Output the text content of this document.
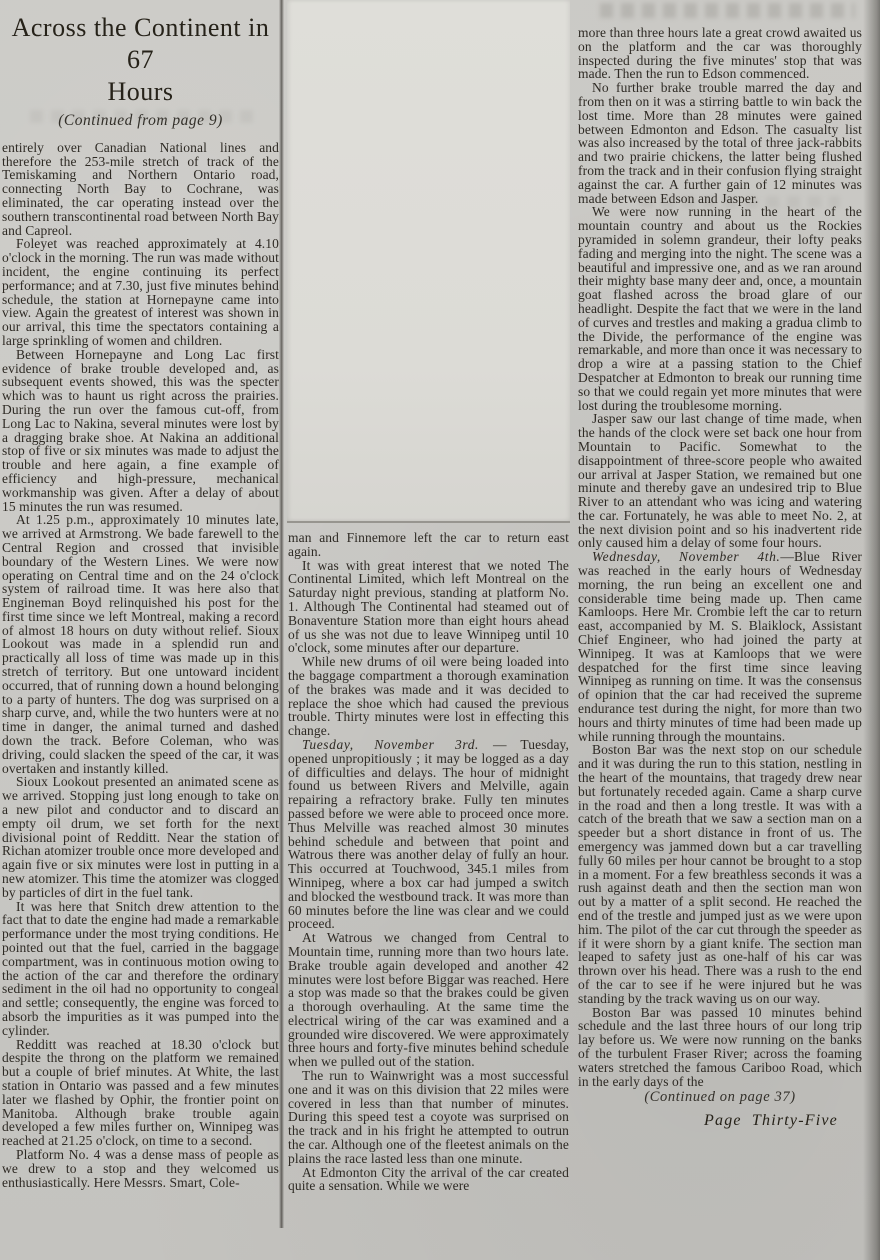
Across the Continent in 67
Hours
(Continued from page 9)

entirely over Canadian National lines and therefore the 253-mile stretch of track of the Temiskaming and Northern Ontario road, connecting North Bay to Cochrane, was eliminated, the car operating instead over the southern transcontinental road between North Bay and Capreol.

Foleyet was reached approximately at 4.10 o'clock in the morning. The run was made without incident, the engine continuing its perfect performance; and at 7.30, just five minutes behind schedule, the station at Hornepayne came into view. Again the greatest of interest was shown in our arrival, this time the spectators containing a large sprinkling of women and children.

Between Hornepayne and Long Lac first evidence of brake trouble developed and, as subsequent events showed, this was the specter which was to haunt us right across the prairies. During the run over the famous cut-off, from Long Lac to Nakina, several minutes were lost by a dragging brake shoe. At Nakina an additional stop of five or six minutes was made to adjust the trouble and here again, a fine example of efficiency and high-pressure, mechanical workmanship was given. After a delay of about 15 minutes the run was resumed.

At 1.25 p.m., approximately 10 minutes late, we arrived at Armstrong. We bade farewell to the Central Region and crossed that invisible boundary of the Western Lines. We were now operating on Central time and on the 24 o'clock system of railroad time. It was here also that Engineman Boyd relinquished his post for the first time since we left Montreal, making a record of almost 18 hours on duty without relief. Sioux Lookout was made in a splendid run and practically all loss of time was made up in this stretch of territory. But one untoward incident occurred, that of running down a hound belonging to a party of hunters. The dog was surprised on a sharp curve, and, while the two hunters were at no time in danger, the animal turned and dashed down the track. Before Coleman, who was driving, could slacken the speed of the car, it was overtaken and instantly killed.

Sioux Lookout presented an animated scene as we arrived. Stopping just long enough to take on a new pilot and conductor and to discard an empty oil drum, we set forth for the next divisional point of Redditt. Near the station of Richan atomizer trouble once more developed and again five or six minutes were lost in putting in a new atomizer. This time the atomizer was clogged by particles of dirt in the fuel tank.

It was here that Snitch drew attention to the fact that to date the engine had made a remarkable performance under the most trying conditions. He pointed out that the fuel, carried in the baggage compartment, was in continuous motion owing to the action of the car and therefore the ordinary sediment in the oil had no opportunity to congeal and settle; consequently, the engine was forced to absorb the impurities as it was pumped into the cylinder.

Redditt was reached at 18.30 o'clock but despite the throng on the platform we remained but a couple of brief minutes. At White, the last station in Ontario was passed and a few minutes later we flashed by Ophir, the frontier point on Manitoba. Although brake trouble again developed a few miles further on, Winnipeg was reached at 21.25 o'clock, on time to a second.

Platform No. 4 was a dense mass of people as we drew to a stop and they welcomed us enthusiastically. Here Messrs. Smart, Cole-

man and Finnemore left the car to return east again.

It was with great interest that we noted The Continental Limited, which left Montreal on the Saturday night previous, standing at platform No. 1. Although The Continental had steamed out of Bonaventure Station more than eight hours ahead of us she was not due to leave Winnipeg until 10 o'clock, some minutes after our departure.

While new drums of oil were being loaded into the baggage compartment a thorough examination of the brakes was made and it was decided to replace the shoe which had caused the previous trouble. Thirty minutes were lost in effecting this change.

Tuesday, November 3rd. — Tuesday, opened unpropitiously ; it may be logged as a day of difficulties and delays. The hour of midnight found us between Rivers and Melville, again repairing a refractory brake. Fully ten minutes passed before we were able to proceed once more. Thus Melville was reached almost 30 minutes behind schedule and between that point and Watrous there was another delay of fully an hour. This occurred at Touchwood, 345.1 miles from Winnipeg, where a box car had jumped a switch and blocked the westbound track. It was more than 60 minutes before the line was clear and we could proceed.

At Watrous we changed from Central to Mountain time, running more than two hours late. Brake trouble again developed and another 42 minutes were lost before Biggar was reached. Here a stop was made so that the brakes could be given a thorough overhauling. At the same time the electrical wiring of the car was examined and a grounded wire discovered. We were approximately three hours and forty-five minutes behind schedule when we pulled out of the station.

The run to Wainwright was a most successful one and it was on this division that 22 miles were covered in less than that number of minutes. During this speed test a coyote was surprised on the track and in his fright he attempted to outrun the car. Although one of the fleetest animals on the plains the race lasted less than one minute.

At Edmonton City the arrival of the car created quite a sensation. While we were

more than three hours late a great crowd awaited us on the platform and the car was thoroughly inspected during the five minutes' stop that was made. Then the run to Edson commenced.

No further brake trouble marred the day and from then on it was a stirring battle to win back the lost time. More than 28 minutes were gained between Edmonton and Edson. The casualty list was also increased by the total of three jack-rabbits and two prairie chickens, the latter being flushed from the track and in their confusion flying straight against the car. A further gain of 12 minutes was made between Edson and Jasper.

We were now running in the heart of the mountain country and about us the Rockies pyramided in solemn grandeur, their lofty peaks fading and merging into the night. The scene was a beautiful and impressive one, and as we ran around their mighty base many deer and, once, a mountain goat flashed across the broad glare of our headlight. Despite the fact that we were in the land of curves and trestles and making a gradua climb to the Divide, the performance of the engine was remarkable, and more than once it was necessary to drop a wire at a passing station to the Chief Despatcher at Edmonton to break our running time so that we could regain yet more minutes that were lost during the troublesome morning.

Jasper saw our last change of time made, when the hands of the clock were set back one hour from Mountain to Pacific. Somewhat to the disappointment of three-score people who awaited our arrival at Jasper Station, we remained but one minute and thereby gave an undesired trip to Blue River to an attendant who was icing and watering the car. Fortunately, he was able to meet No. 2, at the next division point and so his inadvertent ride only caused him a delay of some four hours.

Wednesday, November 4th.—Blue River was reached in the early hours of Wednesday morning, the run being an excellent one and considerable time being made up. Then came Kamloops. Here Mr. Crombie left the car to return east, accompanied by M. S. Blaiklock, Assistant Chief Engineer, who had joined the party at Winnipeg. It was at Kamloops that we were despatched for the first time since leaving Winnipeg as running on time. It was the consensus of opinion that the car had received the supreme endurance test during the night, for more than two hours and thirty minutes of time had been made up while running through the mountains.

Boston Bar was the next stop on our schedule and it was during the run to this station, nestling in the heart of the mountains, that tragedy drew near but fortunately receded again. Came a sharp curve in the road and then a long trestle. It was with a catch of the breath that we saw a section man on a speeder but a short distance in front of us. The emergency was jammed down but a car travelling fully 60 miles per hour cannot be brought to a stop in a moment. For a few breathless seconds it was a rush against death and then the section man won out by a matter of a split second. He reached the end of the trestle and jumped just as we were upon him. The pilot of the car cut through the speeder as if it were shorn by a giant knife. The section man leaped to safety just as one-half of his car was thrown over his head. There was a rush to the end of the car to see if he were injured but he was standing by the track waving us on our way.

Boston Bar was passed 10 minutes behind schedule and the last three hours of our long trip lay before us. We were now running on the banks of the turbulent Fraser River; across the foaming waters stretched the famous Cariboo Road, which in the early days of the

(Continued on page 37)
Page Thirty-Five
